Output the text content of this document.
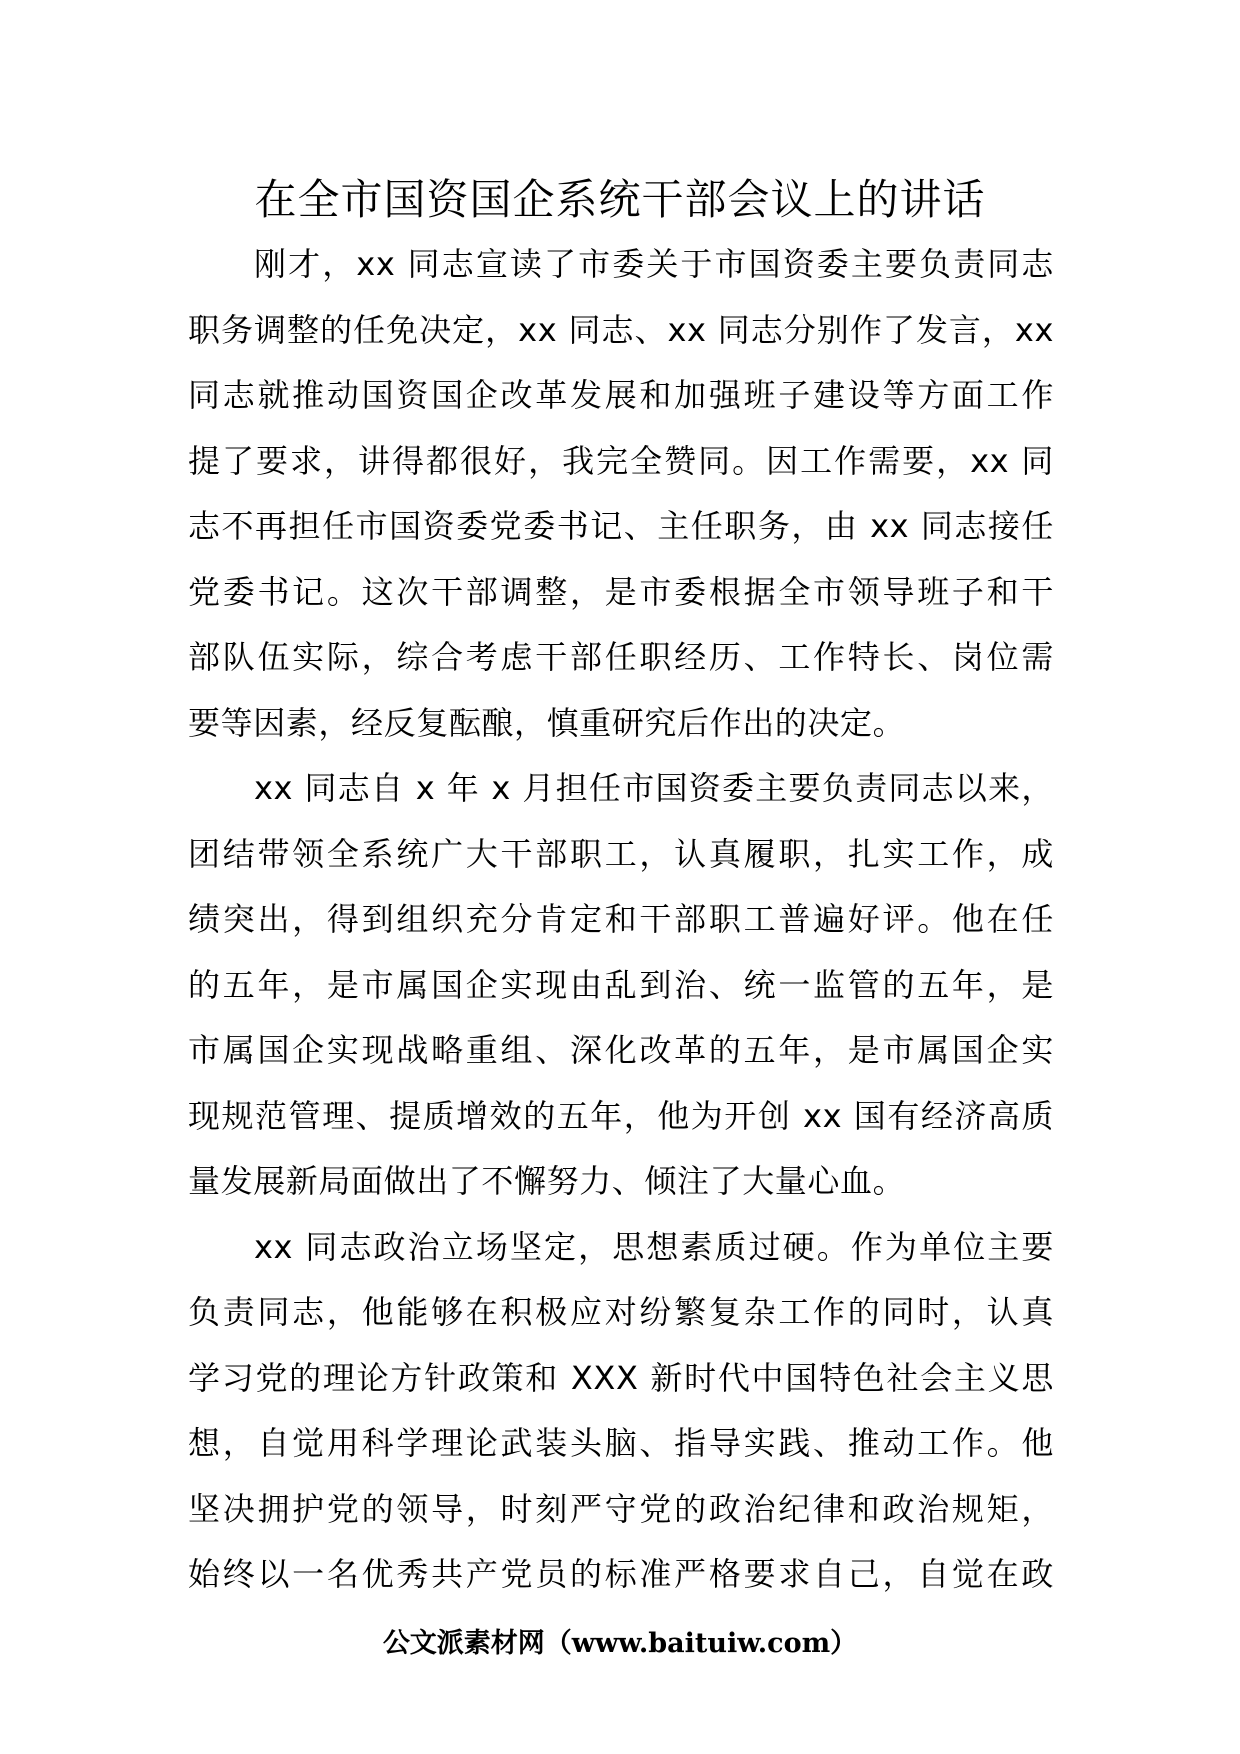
在全市国资国企系统干部会议上的讲话

刚才，xx 同志宣读了市委关于市国资委主要负责同志
职务调整的任免决定，xx 同志、xx 同志分别作了发言，xx
同志就推动国资国企改革发展和加强班子建设等方面工作
提了要求，讲得都很好，我完全赞同。因工作需要，xx 同
志不再担任市国资委党委书记、主任职务，由 xx 同志接任
党委书记。这次干部调整，是市委根据全市领导班子和干
部队伍实际，综合考虑干部任职经历、工作特长、岗位需
要等因素，经反复酝酿，慎重研究后作出的决定。

xx 同志自 x 年 x 月担任市国资委主要负责同志以来，
团结带领全系统广大干部职工，认真履职，扎实工作，成
绩突出，得到组织充分肯定和干部职工普遍好评。他在任
的五年，是市属国企实现由乱到治、统一监管的五年，是
市属国企实现战略重组、深化改革的五年，是市属国企实
现规范管理、提质增效的五年，他为开创 xx 国有经济高质
量发展新局面做出了不懈努力、倾注了大量心血。

xx 同志政治立场坚定，思想素质过硬。作为单位主要
负责同志，他能够在积极应对纷繁复杂工作的同时，认真
学习党的理论方针政策和 XXX 新时代中国特色社会主义思
想，自觉用科学理论武装头脑、指导实践、推动工作。他
坚决拥护党的领导，时刻严守党的政治纪律和政治规矩，
始终以一名优秀共产党员的标准严格要求自己，自觉在政

公文派素材网（www.baituiw.com）
